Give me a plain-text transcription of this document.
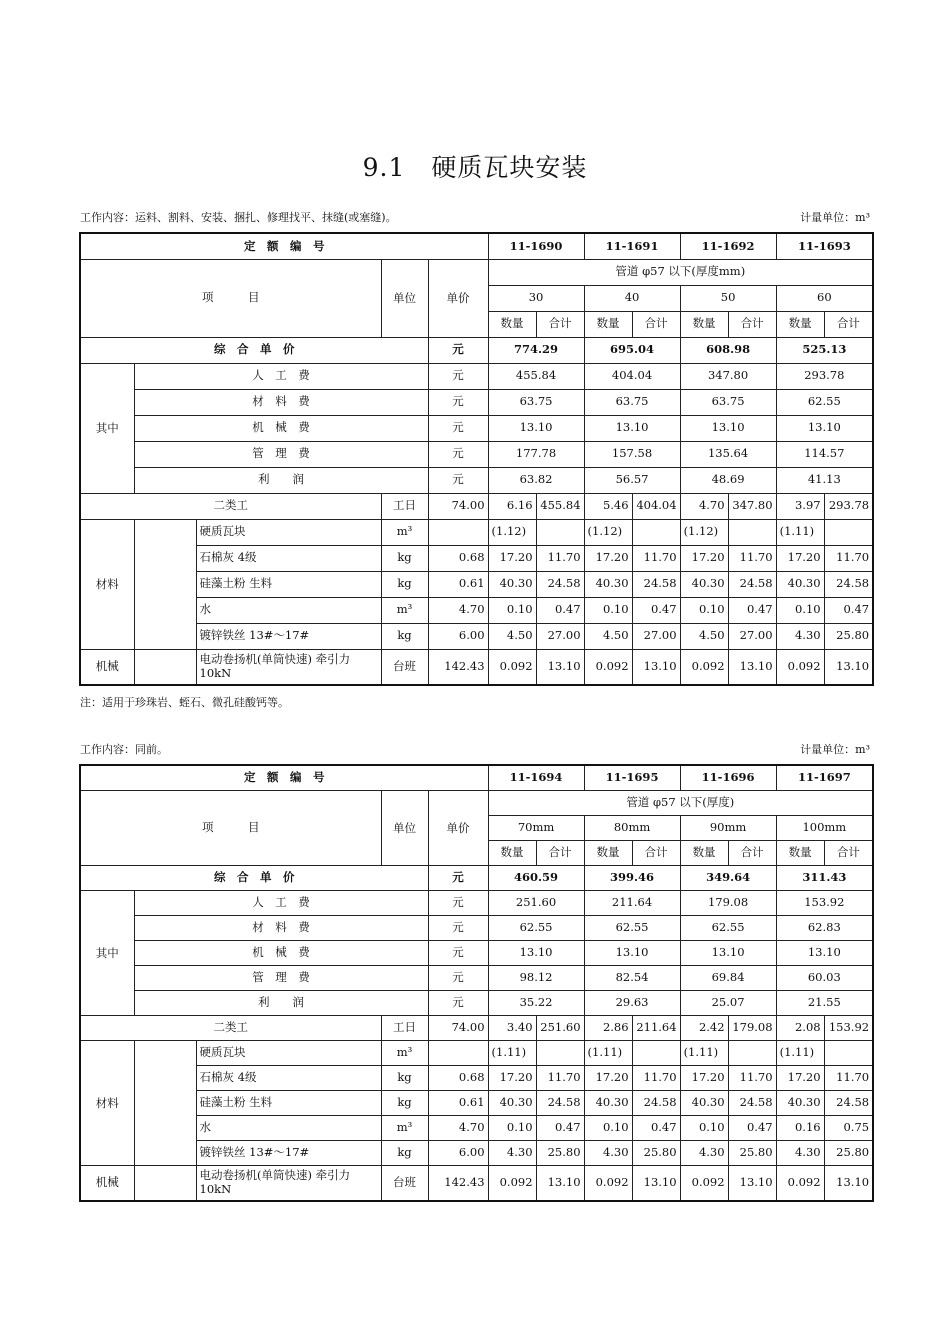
9.1　硬质瓦块安装
工作内容：运料、割料、安装、捆扎、修理找平、抹缝(或塞缝)。	计量单位：m³
定　额　编　号					11-1690		11-1691		11-1692		11-1693	
项　　　目			单位	单价	管道 φ57 以下(厚度mm)							
					30		40		50		60	
					数量	合计	数量	合计	数量	合计	数量	合计
综　合　单　价				元	774.29		695.04		608.98		525.13	
其中	人　工　费			元	455.84		404.04		347.80		293.78	
	材　料　费			元	63.75		63.75		63.75		62.55	
	机　械　费			元	13.10		13.10		13.10		13.10	
	管　理　费			元	177.78		157.58		135.64		114.57	
	利　　润			元	63.82		56.57		48.69		41.13	
二类工			工日	74.00	6.16	455.84	5.46	404.04	4.70	347.80	3.97	293.78
材料		硬质瓦块	m³		(1.12)		(1.12)		(1.12)		(1.11)	
		石棉灰 4级	kg	0.68	17.20	11.70	17.20	11.70	17.20	11.70	17.20	11.70
		硅藻土粉 生料	kg	0.61	40.30	24.58	40.30	24.58	40.30	24.58	40.30	24.58
		水	m³	4.70	0.10	0.47	0.10	0.47	0.10	0.47	0.10	0.47
		镀锌铁丝 13#～17#	kg	6.00	4.50	27.00	4.50	27.00	4.50	27.00	4.30	25.80
机械		电动卷扬机(单筒快速) 牵引力10kN	台班	142.43	0.092	13.10	0.092	13.10	0.092	13.10	0.092	13.10
注：适用于珍珠岩、蛭石、微孔硅酸钙等。
工作内容：同前。	计量单位：m³
定　额　编　号					11-1694		11-1695		11-1696		11-1697	
项　　　目			单位	单价	管道 φ57 以下(厚度)							
					70mm		80mm		90mm		100mm	
					数量	合计	数量	合计	数量	合计	数量	合计
综　合　单　价				元	460.59		399.46		349.64		311.43	
其中	人　工　费			元	251.60		211.64		179.08		153.92	
	材　料　费			元	62.55		62.55		62.55		62.83	
	机　械　费			元	13.10		13.10		13.10		13.10	
	管　理　费			元	98.12		82.54		69.84		60.03	
	利　　润			元	35.22		29.63		25.07		21.55	
二类工			工日	74.00	3.40	251.60	2.86	211.64	2.42	179.08	2.08	153.92
材料		硬质瓦块	m³		(1.11)		(1.11)		(1.11)		(1.11)	
		石棉灰 4级	kg	0.68	17.20	11.70	17.20	11.70	17.20	11.70	17.20	11.70
		硅藻土粉 生料	kg	0.61	40.30	24.58	40.30	24.58	40.30	24.58	40.30	24.58
		水	m³	4.70	0.10	0.47	0.10	0.47	0.10	0.47	0.16	0.75
		镀锌铁丝 13#～17#	kg	6.00	4.30	25.80	4.30	25.80	4.30	25.80	4.30	25.80
机械		电动卷扬机(单筒快速) 牵引力10kN	台班	142.43	0.092	13.10	0.092	13.10	0.092	13.10	0.092	13.10
